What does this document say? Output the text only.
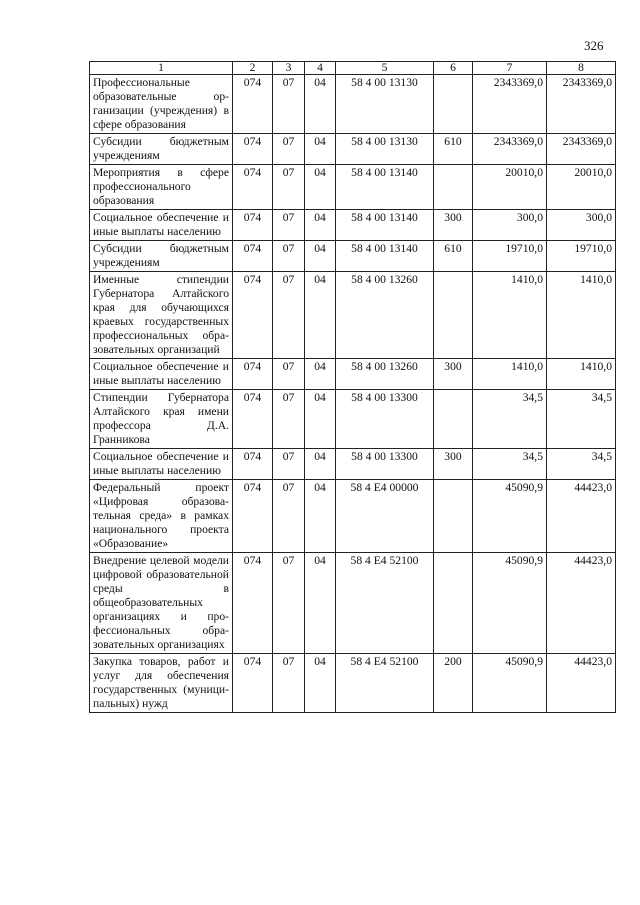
326
1	2	3	4	5	6	7	8
Профессиональные образовательные организации (учреждения) в сфере образования	074	07	04	58 4 00 13130		2343369,0	2343369,0
Субсидии бюджетным учреждениям	074	07	04	58 4 00 13130	610	2343369,0	2343369,0
Мероприятия в сфере профессионального образования	074	07	04	58 4 00 13140		20010,0	20010,0
Социальное обеспечение и иные выплаты населению	074	07	04	58 4 00 13140	300	300,0	300,0
Субсидии бюджетным учреждениям	074	07	04	58 4 00 13140	610	19710,0	19710,0
Именные стипендии Губернатора Алтайского края для обучающихся краевых государственных профессиональных образовательных организаций	074	07	04	58 4 00 13260		1410,0	1410,0
Социальное обеспечение и иные выплаты населению	074	07	04	58 4 00 13260	300	1410,0	1410,0
Стипендии Губернатора Алтайского края имени профессора Д.А. Гранникова	074	07	04	58 4 00 13300		34,5	34,5
Социальное обеспечение и иные выплаты населению	074	07	04	58 4 00 13300	300	34,5	34,5
Федеральный проект «Цифровая образовательная среда» в рамках национального проекта «Образование»	074	07	04	58 4 E4 00000		45090,9	44423,0
Внедрение целевой модели цифровой образовательной среды в общеобразовательных организациях и профессиональных образовательных организациях	074	07	04	58 4 E4 52100		45090,9	44423,0
Закупка товаров, работ и услуг для обеспечения государственных (муниципальных) нужд	074	07	04	58 4 E4 52100	200	45090,9	44423,0
